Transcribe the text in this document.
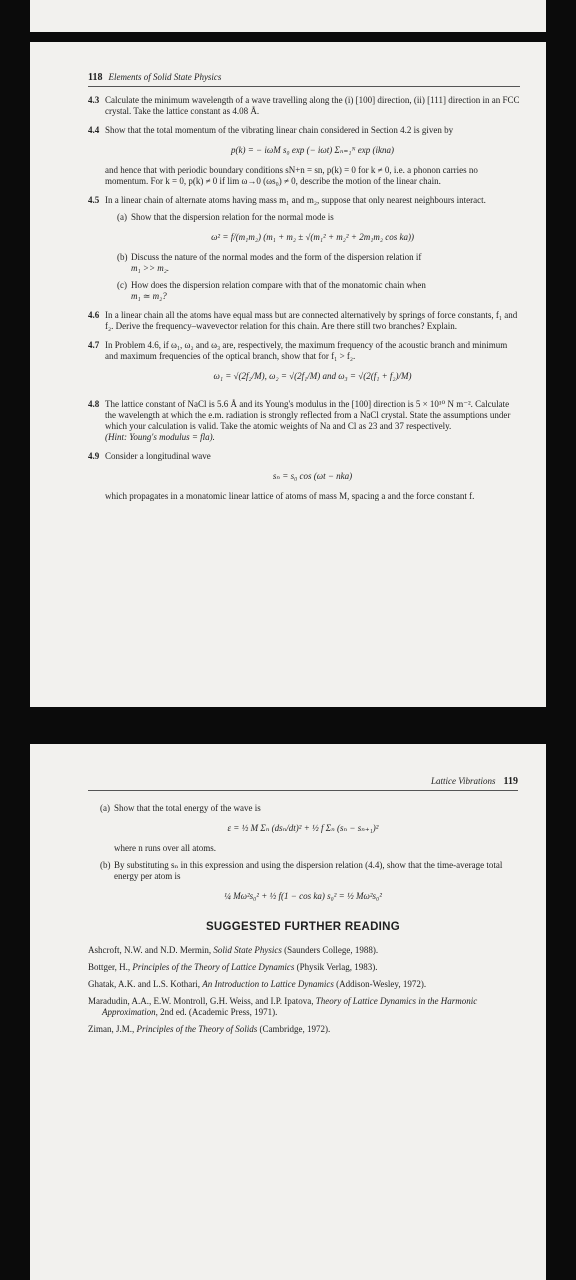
118 Elements of Solid State Physics
4.3 Calculate the minimum wavelength of a wave travelling along the (i) [100] direction, (ii) [111] direction in an FCC crystal. Take the lattice constant as 4.08 Å.
4.4 Show that the total momentum of the vibrating linear chain considered in Section 4.2 is given by
p(k) = − iωM s₀ exp (− iωt) Σₙ₌₁ᴺ exp (ikna)
and hence that with periodic boundary conditions sN+n = sn, p(k) = 0 for k ≠ 0, i.e. a phonon carries no momentum. For k = 0, p(k) ≠ 0 if lim ω→0 (ωs₀) ≠ 0, describe the motion of the linear chain.
4.5 In a linear chain of alternate atoms having mass m₁ and m₂, suppose that only nearest neighbours interact.
(a) Show that the dispersion relation for the normal mode is
ω² = f/(m₁m₂) (m₁ + m₂ ± √(m₁² + m₂² + 2m₁m₂ cos ka))
(b) Discuss the nature of the normal modes and the form of the dispersion relation if
m₁ >> m₂.
(c) How does the dispersion relation compare with that of the monatomic chain when
m₁ ≃ m₂?
4.6 In a linear chain all the atoms have equal mass but are connected alternatively by springs of force constants, f₁ and f₂. Derive the frequency–wavevector relation for this chain. Are there still two branches? Explain.
4.7 In Problem 4.6, if ω₁, ω₂ and ω₃ are, respectively, the maximum frequency of the acoustic branch and minimum and maximum frequencies of the optical branch, show that for f₁ > f₂.
ω₁ = √(2f₂/M), ω₂ = √(2f₁/M) and ω₃ = √(2(f₁ + f₂)/M)
4.8 The lattice constant of NaCl is 5.6 Å and its Young's modulus in the [100] direction is 5 × 10¹⁰ N m⁻². Calculate the wavelength at which the e.m. radiation is strongly reflected from a NaCl crystal. State the assumptions under which your calculation is valid. Take the atomic weights of Na and Cl as 23 and 37 respectively.
(Hint: Young's modulus = fla).
4.9 Consider a longitudinal wave
sₙ = s₀ cos (ωt − nka)
which propagates in a monatomic linear lattice of atoms of mass M, spacing a and the force constant f.
Lattice Vibrations 119
(a) Show that the total energy of the wave is
ε = ½ M Σₙ (dsₙ/dt)² + ½ f Σₙ (sₙ − sₙ₊₁)²
where n runs over all atoms.
(b) By substituting sₙ in this expression and using the dispersion relation (4.4), show that the time-average total energy per atom is
¼ Mω²s₀² + ½ f(1 − cos ka) s₀² = ½ Mω²s₀²
SUGGESTED FURTHER READING

Ashcroft, N.W. and N.D. Mermin, Solid State Physics (Saunders College, 1988).

Bottger, H., Principles of the Theory of Lattice Dynamics (Physik Verlag, 1983).

Ghatak, A.K. and L.S. Kothari, An Introduction to Lattice Dynamics (Addison-Wesley, 1972).

Maradudin, A.A., E.W. Montroll, G.H. Weiss, and I.P. Ipatova, Theory of Lattice Dynamics in the Harmonic Approximation, 2nd ed. (Academic Press, 1971).

Ziman, J.M., Principles of the Theory of Solids (Cambridge, 1972).
